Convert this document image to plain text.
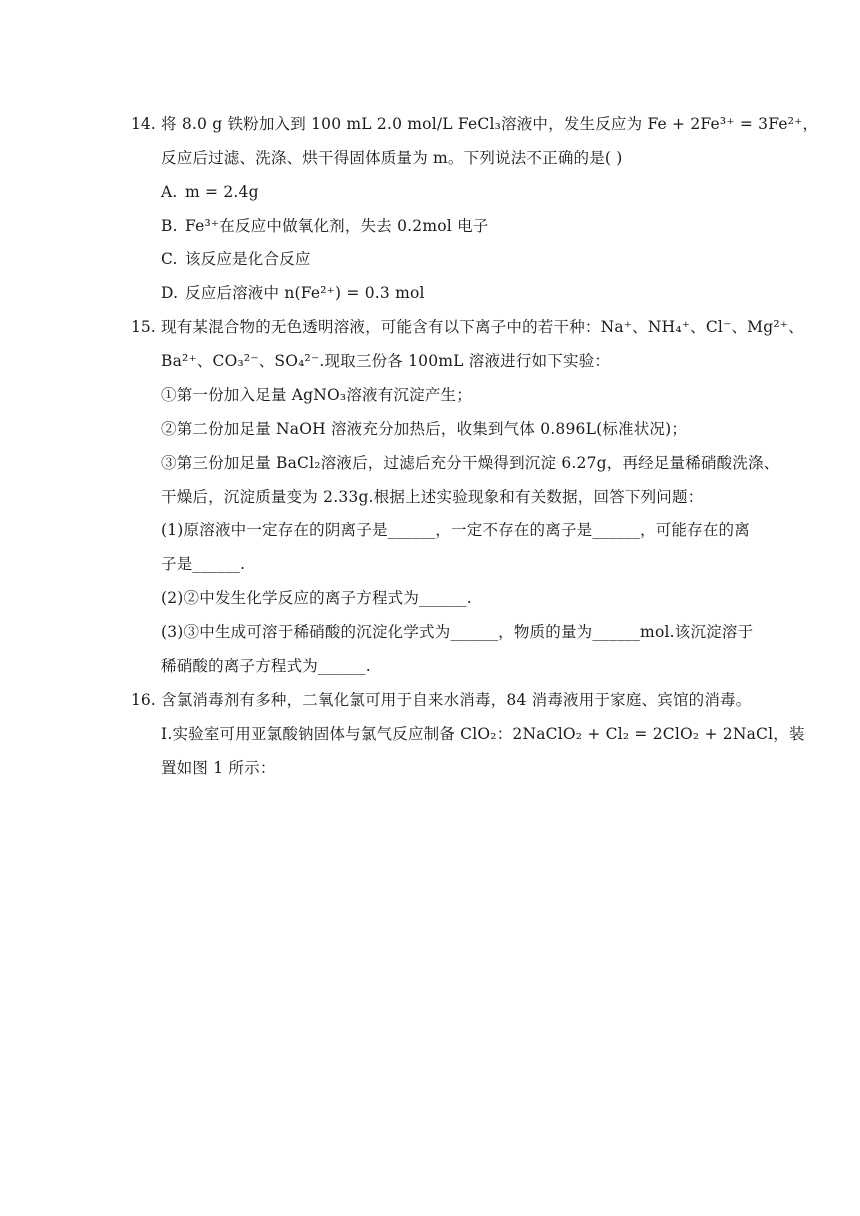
14. 将 8.0 g 铁粉加入到 100 mL 2.0 mol/L FeCl₃溶液中，发生反应为 Fe + 2Fe³⁺ = 3Fe²⁺，
反应后过滤、洗涤、烘干得固体质量为 m。下列说法不正确的是( )
A. m = 2.4g
B. Fe³⁺在反应中做氧化剂，失去 0.2mol 电子
C. 该反应是化合反应
D. 反应后溶液中 n(Fe²⁺) = 0.3 mol
15. 现有某混合物的无色透明溶液，可能含有以下离子中的若干种：Na⁺、NH₄⁺、Cl⁻、Mg²⁺、
Ba²⁺、CO₃²⁻、SO₄²⁻.现取三份各 100mL 溶液进行如下实验：
①第一份加入足量 AgNO₃溶液有沉淀产生；
②第二份加足量 NaOH 溶液充分加热后，收集到气体 0.896L(标准状况)；
③第三份加足量 BaCl₂溶液后，过滤后充分干燥得到沉淀 6.27g，再经足量稀硝酸洗涤、
干燥后，沉淀质量变为 2.33g.根据上述实验现象和有关数据，回答下列问题：
(1)原溶液中一定存在的阴离子是______，一定不存在的离子是______，可能存在的离
子是______.
(2)②中发生化学反应的离子方程式为______.
(3)③中生成可溶于稀硝酸的沉淀化学式为______，物质的量为______mol.该沉淀溶于
稀硝酸的离子方程式为______.
16. 含氯消毒剂有多种，二氧化氯可用于自来水消毒，84 消毒液用于家庭、宾馆的消毒。
Ⅰ.实验室可用亚氯酸钠固体与氯气反应制备 ClO₂：2NaClO₂ + Cl₂ = 2ClO₂ + 2NaCl，装
置如图 1 所示：
